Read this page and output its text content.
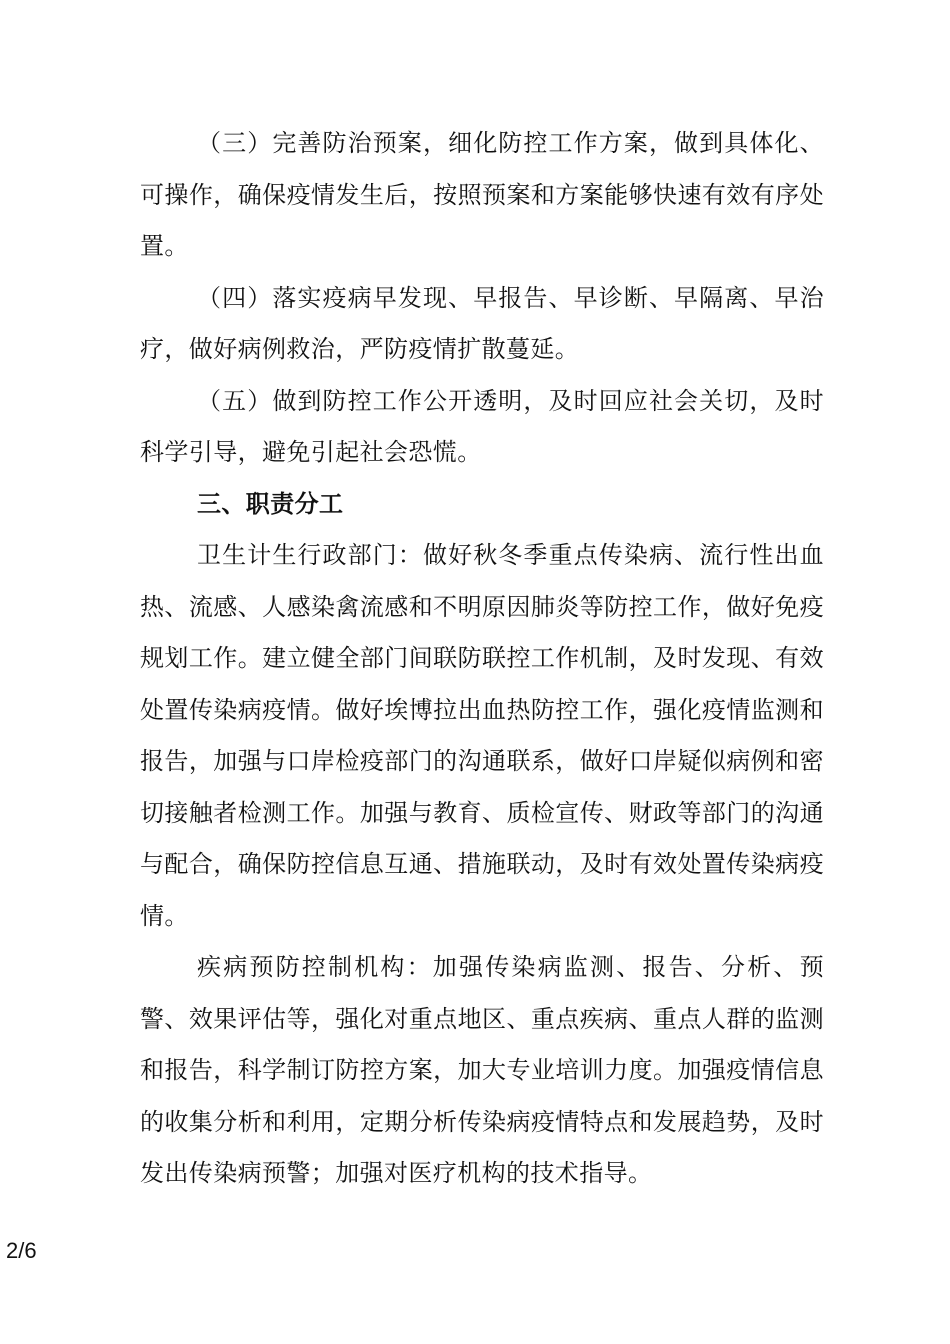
（三）完善防治预案，细化防控工作方案，做到具体化、可操作，确保疫情发生后，按照预案和方案能够快速有效有序处置。

（四）落实疫病早发现、早报告、早诊断、早隔离、早治疗，做好病例救治，严防疫情扩散蔓延。

（五）做到防控工作公开透明，及时回应社会关切，及时科学引导，避免引起社会恐慌。

三、职责分工

卫生计生行政部门：做好秋冬季重点传染病、流行性出血热、流感、人感染禽流感和不明原因肺炎等防控工作，做好免疫规划工作。建立健全部门间联防联控工作机制，及时发现、有效处置传染病疫情。做好埃博拉出血热防控工作，强化疫情监测和报告，加强与口岸检疫部门的沟通联系，做好口岸疑似病例和密切接触者检测工作。加强与教育、质检宣传、财政等部门的沟通与配合，确保防控信息互通、措施联动，及时有效处置传染病疫情。

疾病预防控制机构：加强传染病监测、报告、分析、预警、效果评估等，强化对重点地区、重点疾病、重点人群的监测和报告，科学制订防控方案，加大专业培训力度。加强疫情信息的收集分析和利用，定期分析传染病疫情特点和发展趋势，及时发出传染病预警；加强对医疗机构的技术指导。

2/6
